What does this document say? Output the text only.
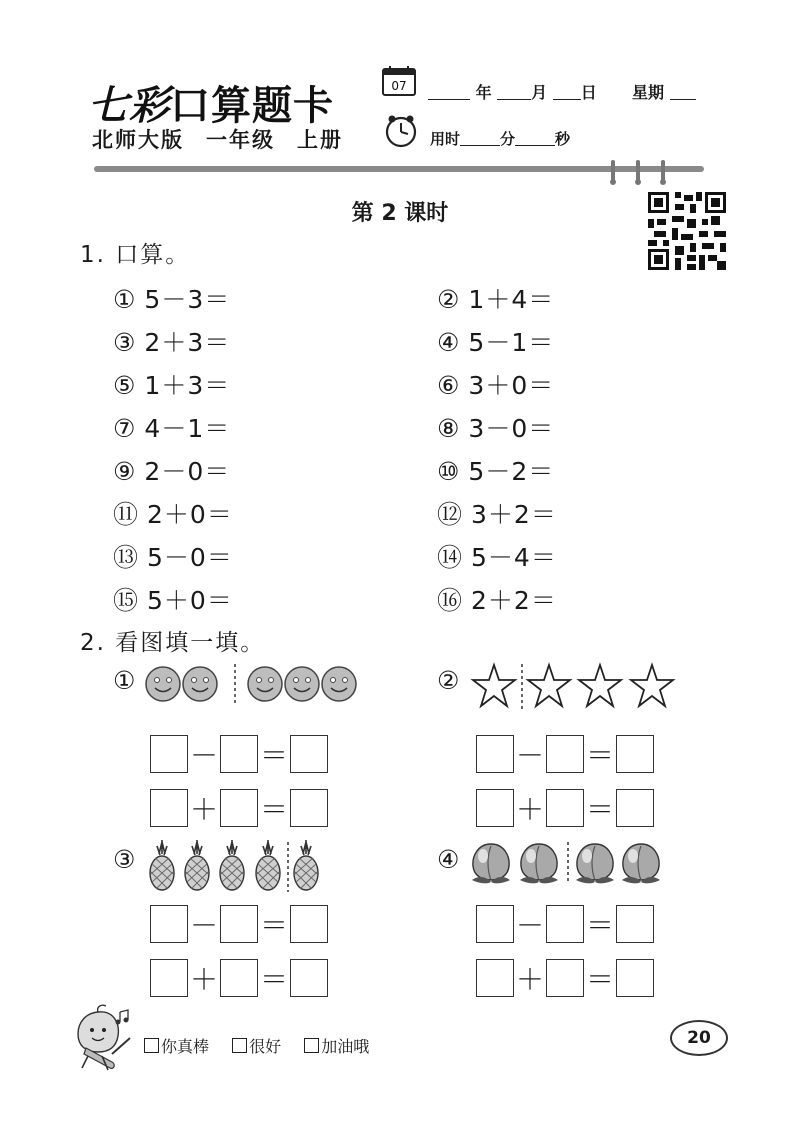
七彩口算题卡	07	年 月 日 星期
北师大版 一年级 上册	用时	分	秒
第 2 课时
1. 口算。
① 5－3＝	② 1＋4＝
③ 2＋3＝	④ 5－1＝
⑤ 1＋3＝	⑥ 3＋0＝
⑦ 4－1＝	⑧ 3－0＝
⑨ 2－0＝	⑩ 5－2＝
⑪ 2＋0＝	⑫ 3＋2＝
⑬ 5－0＝	⑭ 5－4＝
⑮ 5＋0＝	⑯ 2＋2＝
2. 看图填一填。
①	②
－ ＝
＋ ＝
－ ＝
＋ ＝
③	④
－ ＝
＋ ＝
－ ＝
＋ ＝
你真棒	很好	加油哦	20
